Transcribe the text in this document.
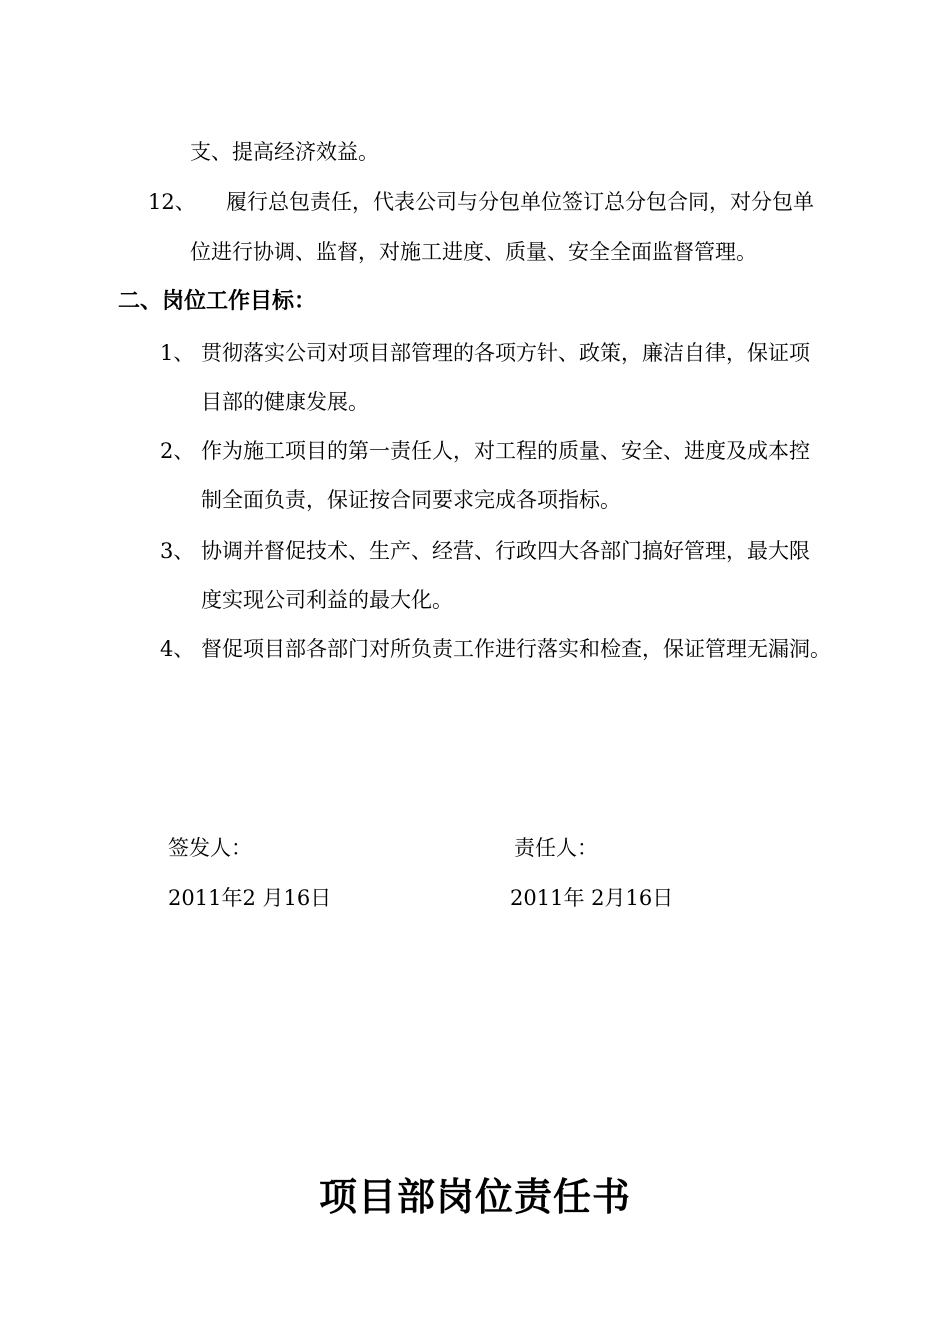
支、提高经济效益。
12、 履行总包责任，代表公司与分包单位签订总分包合同，对分包单
位进行协调、监督，对施工进度、质量、安全全面监督管理。
二、岗位工作目标：
1、 贯彻落实公司对项目部管理的各项方针、政策，廉洁自律，保证项
目部的健康发展。
2、 作为施工项目的第一责任人，对工程的质量、安全、进度及成本控
制全面负责，保证按合同要求完成各项指标。
3、 协调并督促技术、生产、经营、行政四大各部门搞好管理，最大限
度实现公司利益的最大化。
4、 督促项目部各部门对所负责工作进行落实和检查，保证管理无漏洞。
签发人：
2011年2 月16日
责任人：
2011年 2月16日
项目部岗位责任书
